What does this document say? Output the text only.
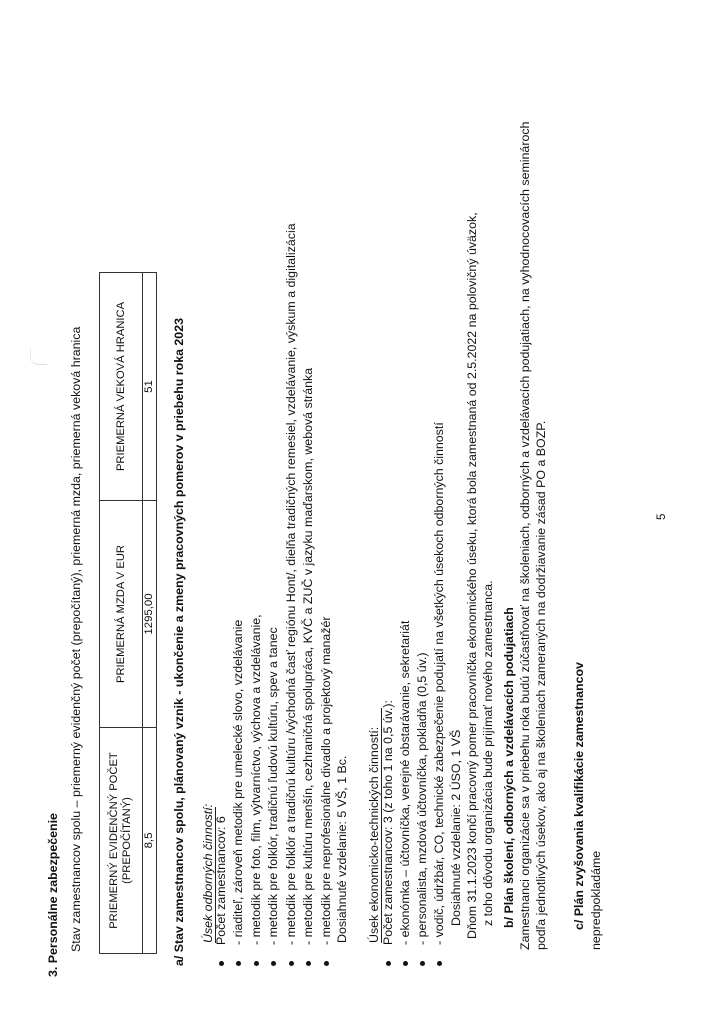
3. Personálne zabezpečenie Stav zamestnancov spolu – priemerný evidenčný počet (prepočítaný), priemerná mzda, priemerná veková hranica PRIEMERNÝ EVIDENČNÝ POČET (PREPOČÍTANÝ)	PRIEMERNÁ MZDA V EUR	PRIEMERNÁ VEKOVÁ HRANICA
8,5	1295,00	51 a/ Stav zamestnancov spolu, plánovaný vznik - ukončenie a zmeny pracovných pomerov v priebehu roka 2023 Úsek odborných činností: Počet zamestnancov: 6 - riaditeľ, zároveň metodik pre umelecké slovo, vzdelávanie - metodik pre foto, film, výtvarníctvo, výchova a vzdelávanie, - metodik pre folklór, tradičnú ľudovú kultúru, spev a tanec - metodik pre folklór a tradičnú kultúru /východná časť regiónu Hont/, dielňa tradičných remesiel, vzdelávanie, výskum a digitalizácia - metodik pre kultúru menšín, cezhraničná spolupráca, KVČ a ZUČ v jazyku maďarskom, webová stránka - metodik pre neprofesionálne divadlo a projektový manažér Dosiahnuté vzdelanie: 5 VŠ, 1 Bc. Úsek ekonomicko-technických činností: Počet zamestnancov: 3 (z toho 1 na 0,5 úv.): - ekonómka – účtovníčka, verejné obstarávanie, sekretariát - personalista, mzdová účtovníčka, pokladňa (0,5 úv.) - vodič, údržbár, CO, technické zabezpečenie podujatí na všetkých úsekoch odborných činností Dosiahnuté vzdelanie: 2 ÚSO, 1 VŠ Dňom 31.1.2023 končí pracovný pomer pracovníčka ekonomického úseku, ktorá bola zamestnaná od 2.5.2022 na polovičný úväzok, z toho dôvodu organizácia bude prijímať nového zamestnanca. b/ Plán školení, odborných a vzdelávacích podujatiach Zamestnanci organizácie sa v priebehu roka budú zúčastňovať na školeniach, odborných a vzdelávacích podujatiach, na vyhodnocovacích seminároch podľa jednotlivých úsekov, ako aj na školeniach zameraných na dodržiavanie zásad PO a BOZP. c/ Plán zvyšovania kvalifikácie zamestnancov nepredpokladáme
5
